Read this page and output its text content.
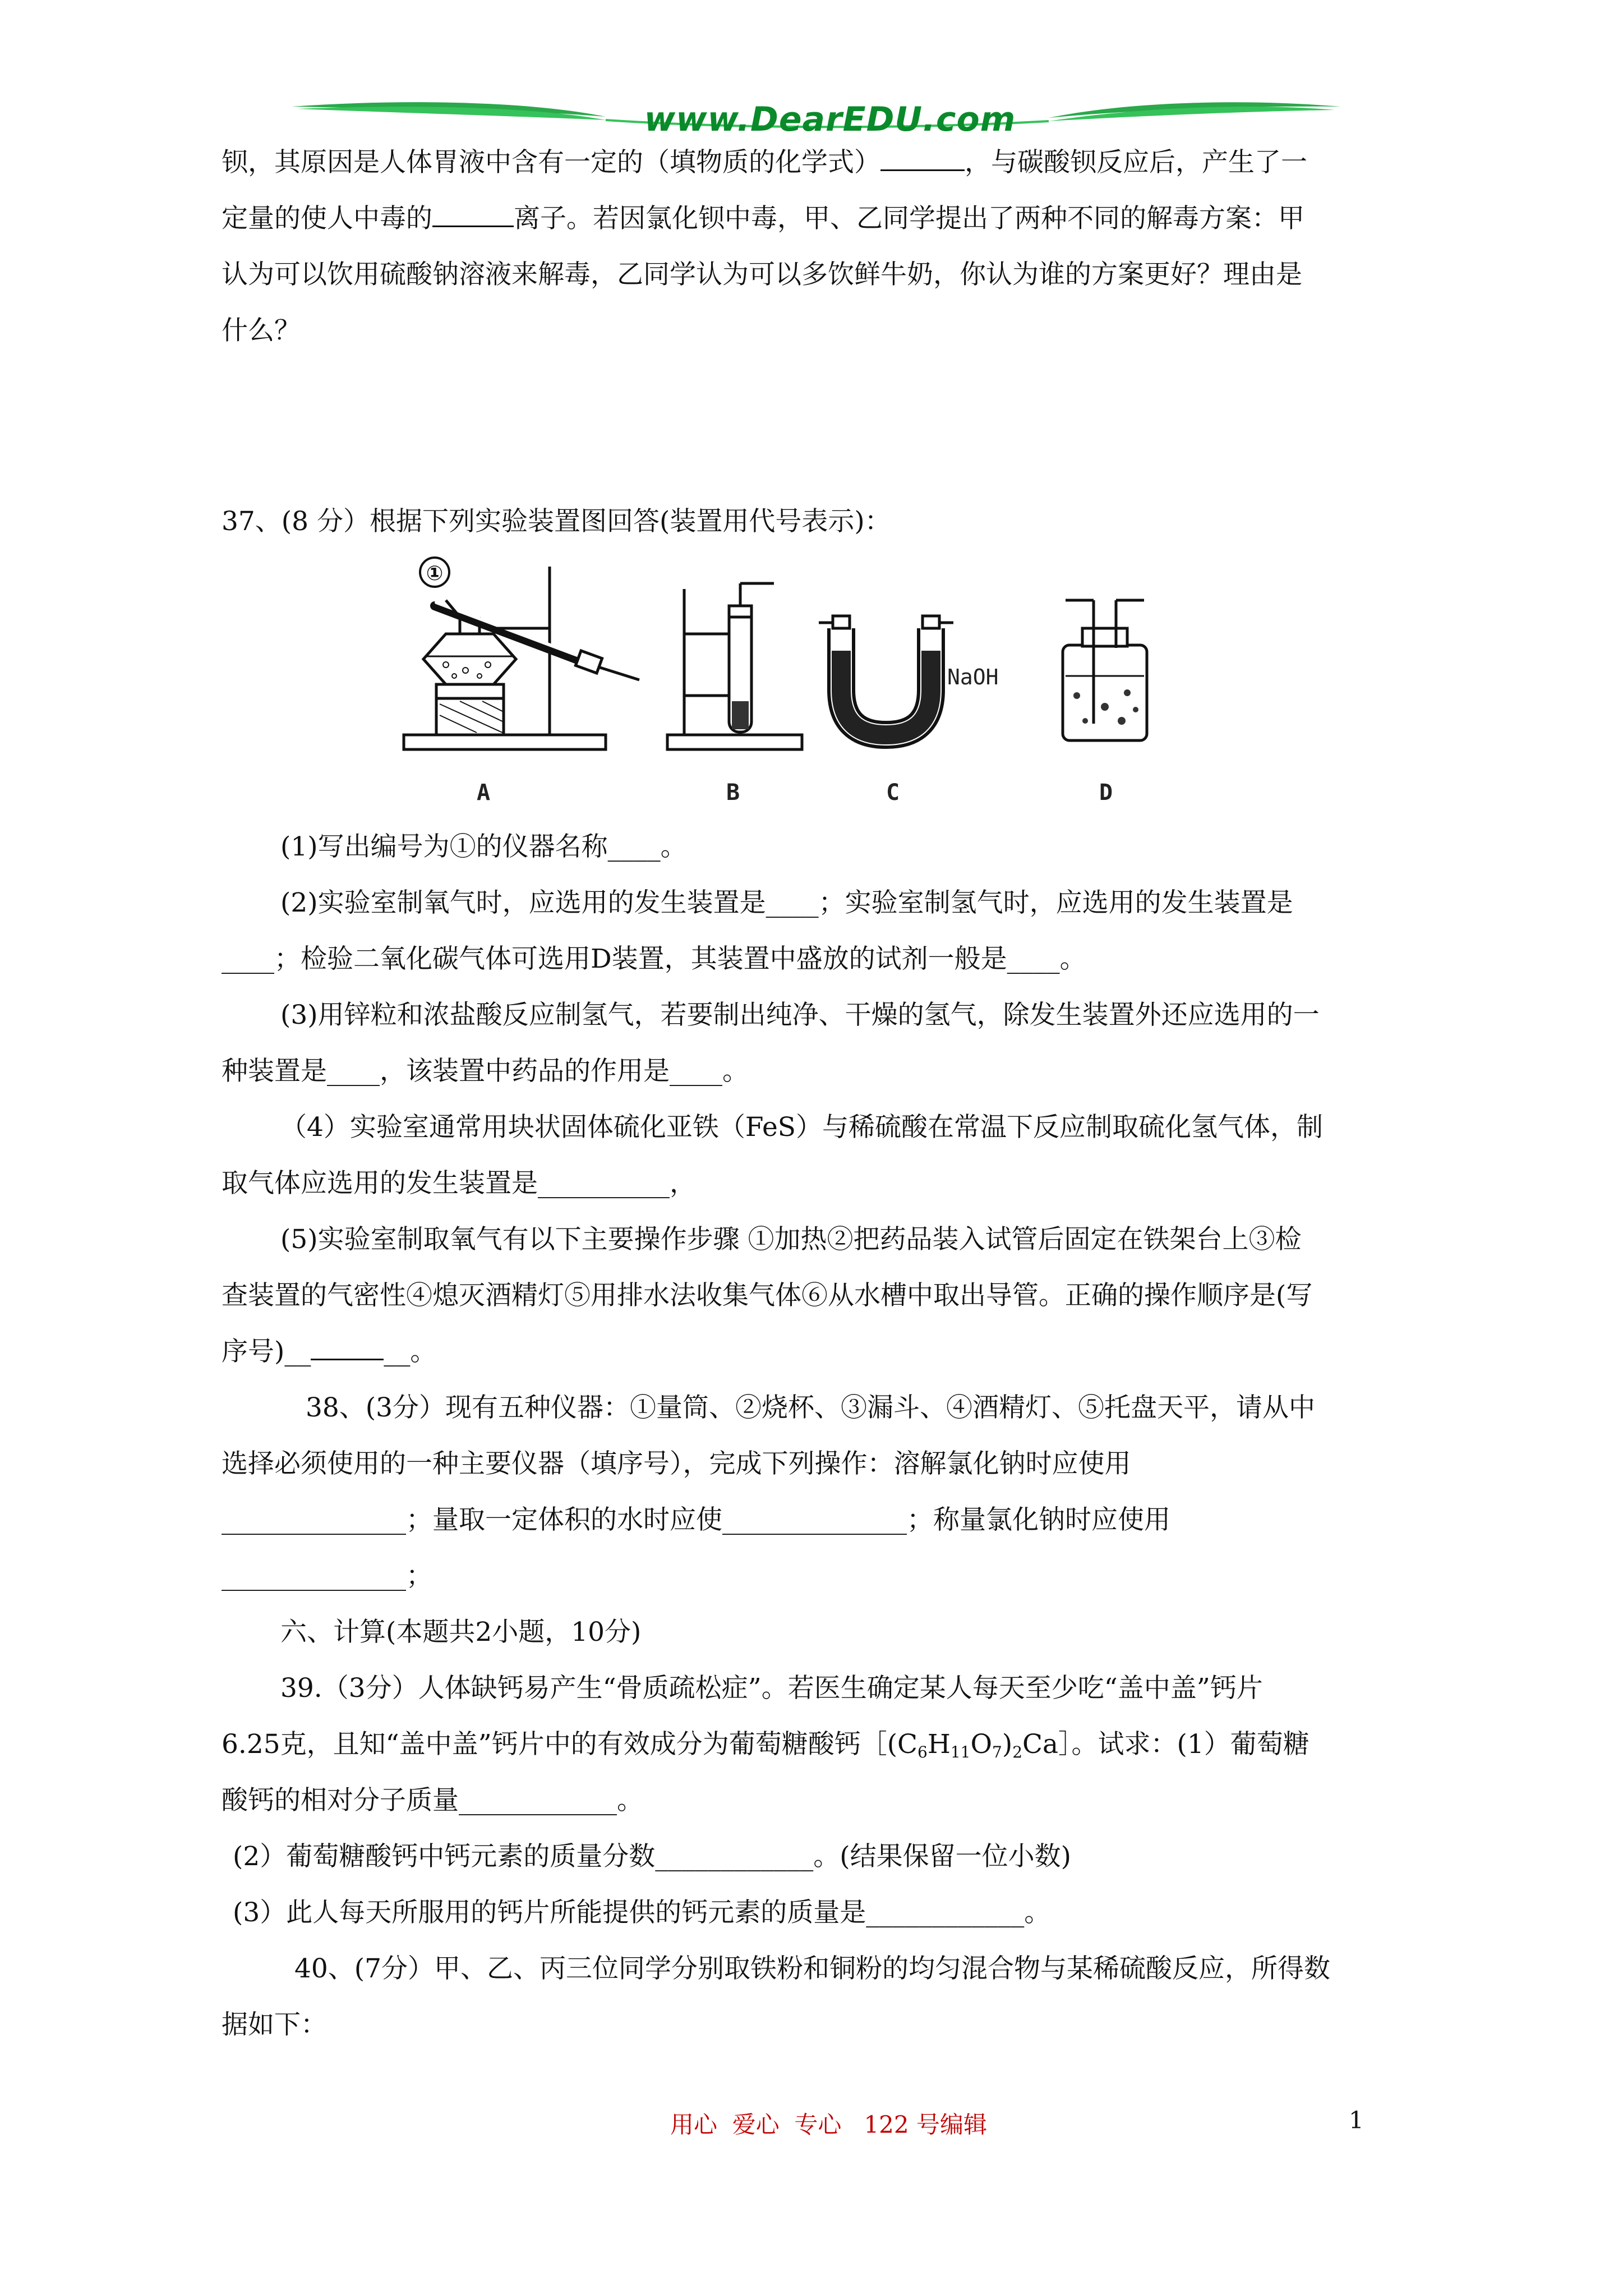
www.DearEDU.com
钡，其原因是人体胃液中含有一定的（填物质的化学式）	，与碳酸钡反应后，产生了一
定量的使人中毒的	离子。若因氯化钡中毒，甲、乙同学提出了两种不同的解毒方案：甲
认为可以饮用硫酸钠溶液来解毒，乙同学认为可以多饮鲜牛奶，你认为谁的方案更好？理由是
什么？
37、(8 分）根据下列实验装置图回答(装置用代号表示)：
①
A	B	C	D
NaOH
(1)写出编号为①的仪器名称____。
(2)实验室制氧气时，应选用的发生装置是____；实验室制氢气时，应选用的发生装置是
____；检验二氧化碳气体可选用D装置，其装置中盛放的试剂一般是____。
(3)用锌粒和浓盐酸反应制氢气，若要制出纯净、干燥的氢气，除发生装置外还应选用的一
种装置是____，该装置中药品的作用是____。
（4）实验室通常用块状固体硫化亚铁（FeS）与稀硫酸在常温下反应制取硫化氢气体，制
取气体应选用的发生装置是__________，
(5)实验室制取氧气有以下主要操作步骤 ①加热②把药品装入试管后固定在铁架台上③检
查装置的气密性④熄灭酒精灯⑤用排水法收集气体⑥从水槽中取出导管。正确的操作顺序是(写
序号)__	__。
38、(3分）现有五种仪器：①量筒、②烧杯、③漏斗、④酒精灯、⑤托盘天平，请从中
选择必须使用的一种主要仪器（填序号），完成下列操作：溶解氯化钠时应使用
______________；量取一定体积的水时应使______________；称量氯化钠时应使用
______________；
六、计算(本题共2小题，10分)
39.（3分）人体缺钙易产生“骨质疏松症”。若医生确定某人每天至少吃“盖中盖”钙片
6.25克，且知“盖中盖”钙片中的有效成分为葡萄糖酸钙$[(C_6H_{11}O_7)_2Ca]$。试求：(1）葡萄糖
酸钙的相对分子质量____________。
(2）葡萄糖酸钙中钙元素的质量分数____________。(结果保留一位小数)
(3）此人每天所服用的钙片所能提供的钙元素的质量是____________。
40、(7分）甲、乙、丙三位同学分别取铁粉和铜粉的均匀混合物与某稀硫酸反应，所得数
据如下：
用心  爱心  专心   122 号编辑	1
